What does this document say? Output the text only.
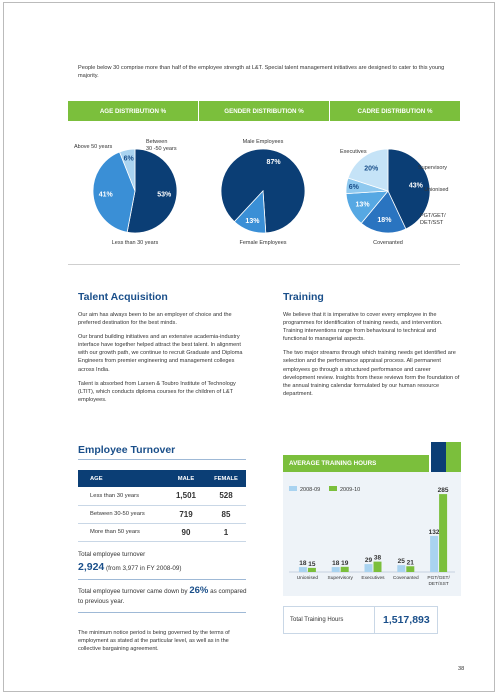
People below 30 comprise more than half of the employee strength at L&T. Special talent management initiatives are designed to cater to this young majority.
AGE DISTRIBUTION %	GENDER DISTRIBUTION %	CADRE DISTRIBUTION %
53%
41%
6%
Above 50 years
Between
30 -50 years
Less than 30 years
87%
13%
Male Employees
Female Employees
43%
18%
13%
6%
20%
Executives
Supervisory
Unionised
PGT/GET/
DET/SST
Covenanted
Talent Acquisition

Our aim has always been to be an employer of choice and the preferred destination for the best minds.

Our brand building initiatives and an extensive academia-industry interface have together helped attract the best talent. In alignment with our growth path, we continue to recruit Graduate and Diploma Engineers from premier engineering and management colleges across India.

Talent is absorbed from Larsen & Toubro Institute of Technology (LTIT), which conducts diploma courses for the children of L&T employees.

Training

We believe that it is imperative to cover every employee in the programmes for identification of training needs, and intervention. Training interventions range from behavioural to technical and functional to managerial aspects.

The two major streams through which training needs get identified are selection and the performance appraisal process. All permanent employees go through a structured performance and career development review. Insights from these reviews form the foundation of the annual training calendar formulated by our human resource department.

Employee Turnover
AGE	MALE	FEMALE
Less than 30 years	1,501	528
Between 30-50 years	719	85
More than 50 years	90	1
Total employee turnover
2,924 (from 3,977 in FY 2008-09)
Total employee turnover came down by 26% as compared to previous year.
The minimum notice period is being governed by the terms of employment as stated at the particular level, as well as in the collective bargaining agreement.
AVERAGE TRAINING HOURS
2008-09	2009-10
18 15
Unionised
18 19
Supervisory
29 38
Executives
25 21
Covenanted
132
285
PGT/GET/
DET/SST
Total Training Hours	1,517,893
38
